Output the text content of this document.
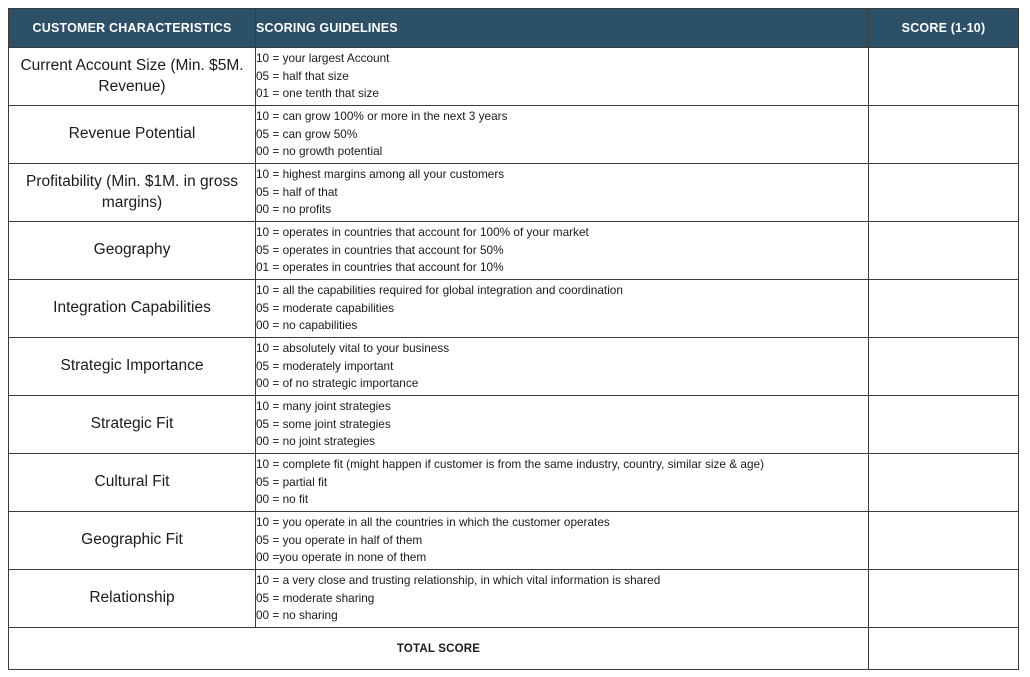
CUSTOMER CHARACTERISTICS	SCORING GUIDELINES	SCORE (1-10)
Current Account Size (Min. $5M. Revenue)	10 = your largest Account
05 = half that size
01 = one tenth that size	

Revenue Potential	10 = can grow 100% or more in the next 3 years
05 = can grow 50%
00 = no growth potential	

Profitability (Min. $1M. in gross margins)	10 = highest margins among all your customers
05 = half of that
00 = no profits	

Geography	10 = operates in countries that account for 100% of your market
05 = operates in countries that account for 50%
01 = operates in countries that account for 10%	

Integration Capabilities	10 = all the capabilities required for global integration and coordination
05 = moderate capabilities
00 = no capabilities	

Strategic Importance	10 = absolutely vital to your business
05 = moderately important
00 = of no strategic importance	

Strategic Fit	10 = many joint strategies
05 = some joint strategies
00 = no joint strategies	

Cultural Fit	10 = complete fit (might happen if customer is from the same industry, country, similar size & age)
05 = partial fit
00 = no fit	

Geographic Fit	10 = you operate in all the countries in which the customer operates
05 = you operate in half of them
00 =you operate in none of them	

Relationship	10 = a very close and trusting relationship, in which vital information is shared
05 = moderate sharing
00 = no sharing	

TOTAL SCORE		
